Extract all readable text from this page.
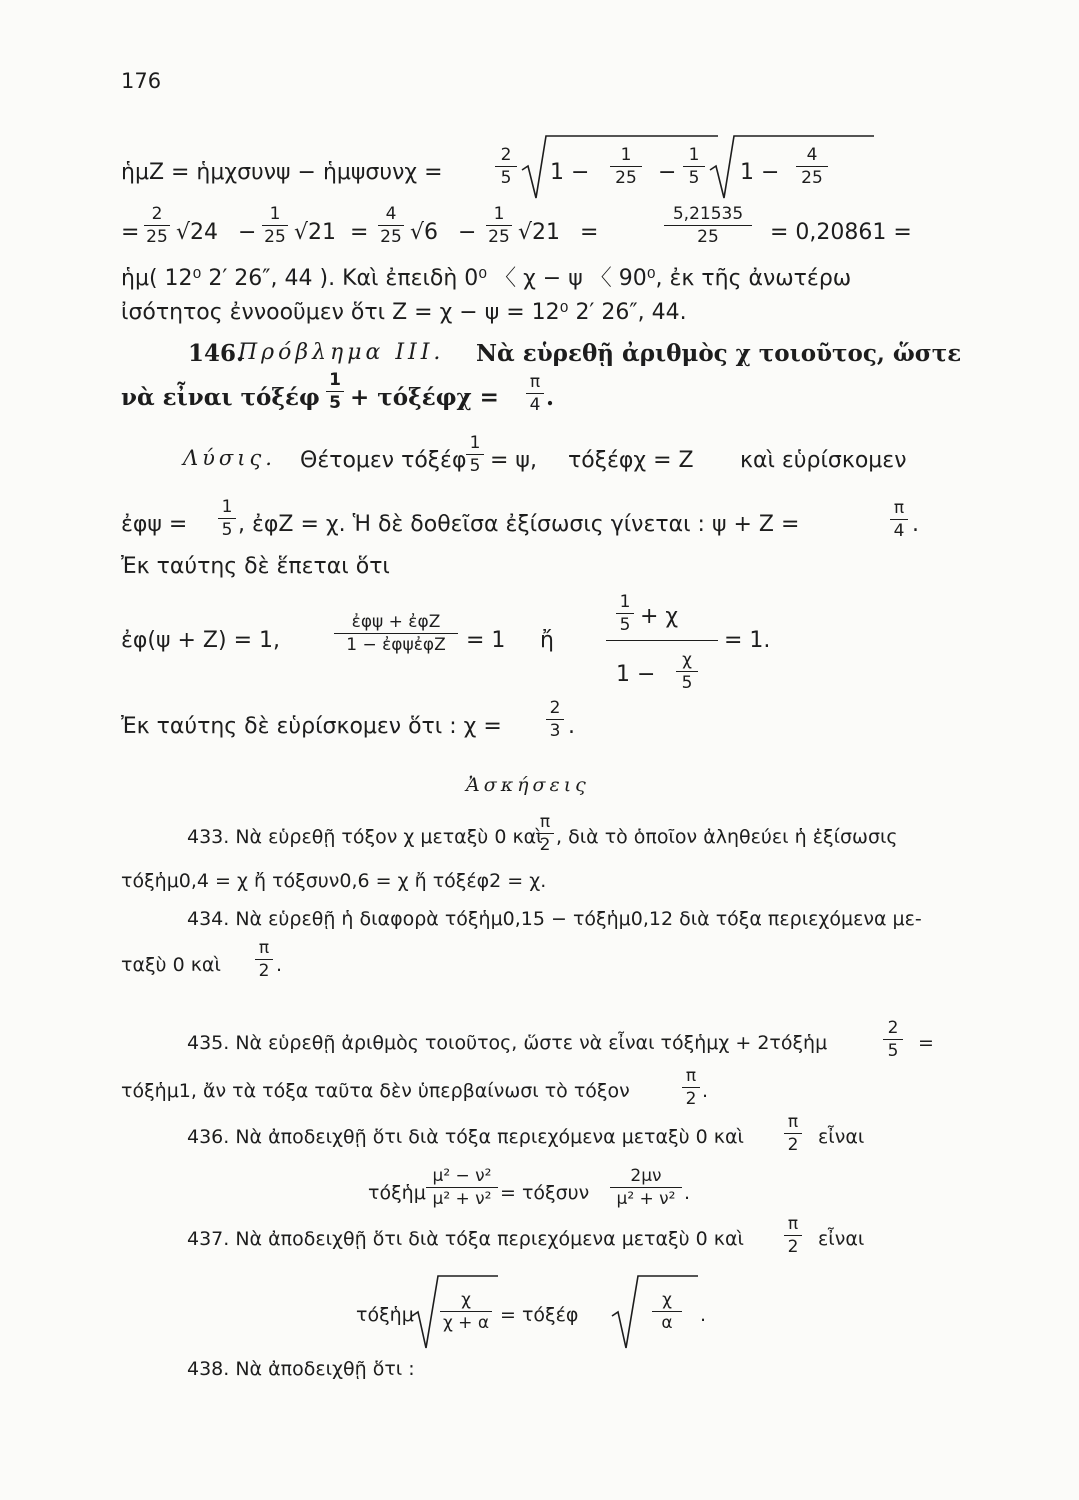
176
ἡμZ = ἡμχσυνψ − ἡμψσυνχ =
2
5 1 −
1
25 −
1
5 1 −
4
25
=
2
25 √24 −
1
25 √21 =
4
25 √6 −
1
25 √21 =
5,21535
25	= 0,20861 =
ἡμ( 12⁰ 2′ 26″, 44 ). Καὶ ἐπειδὴ 0⁰ 〈 χ − ψ 〈 90⁰, ἐκ τῆς ἀνωτέρω
ἰσότητος ἐννοοῦμεν ὅτι Z = χ − ψ = 12⁰ 2′ 26″, 44.
146.
Πρόβλημα ΙΙΙ. Νὰ εὑρεθῇ ἀριθμὸς χ τοιοῦτος, ὥστε
νὰ εἶναι τόξέφ
1
5 + τόξέφχ =
π
4 .
Λύσις. Θέτομεν τόξέφ
1
5 = ψ, τόξέφχ = Z καὶ εὑρίσκομεν
ἐφψ =
1
5 , ἐφZ = χ. Ἡ δὲ δοθεῖσα ἐξίσωσις γίνεται : ψ + Z =
π
4 .
Ἐκ ταύτης δὲ ἕπεται ὅτι
ἐφ(ψ + Z) = 1,
ἐφψ + ἐφZ
1 − ἐφψἐφZ = 1 ἤ
1
5 + χ
1 −
χ
5
= 1.
Ἐκ ταύτης δὲ εὑρίσκομεν ὅτι : χ =
2
3 .
Ἀσκήσεις
433. Νὰ εὑρεθῇ τόξον χ μεταξὺ 0 καὶ
π
2 , διὰ τὸ ὁποῖον ἀληθεύει ἡ ἐξίσωσις
τόξἡμ0,4 = χ ἤ τόξσυν0,6 = χ ἤ τόξέφ2 = χ.
434. Νὰ εὑρεθῇ ἡ διαφορὰ τόξἡμ0,15 − τόξἡμ0,12 διὰ τόξα περιεχόμενα με-
ταξὺ 0 καὶ
π
2 .
435. Νὰ εὑρεθῇ ἀριθμὸς τοιοῦτος, ὥστε νὰ εἶναι τόξἡμχ + 2τόξἡμ
2
5 =
τόξἡμ1, ἄν τὰ τόξα ταῦτα δὲν ὑπερβαίνωσι τὸ τόξον
π
2 .
436. Νὰ ἀποδειχθῇ ὅτι διὰ τόξα περιεχόμενα μεταξὺ 0 καὶ
π
2 εἶναι
τόξἡμ
μ² − ν²
μ² + ν² = τόξσυν
2μν
μ² + ν² .
437. Νὰ ἀποδειχθῇ ὅτι διὰ τόξα περιεχόμενα μεταξὺ 0 καὶ
π
2 εἶναι
τόξἡμ
χ
χ + α = τόξέφ
χ
α	.
438. Νὰ ἀποδειχθῇ ὅτι :
